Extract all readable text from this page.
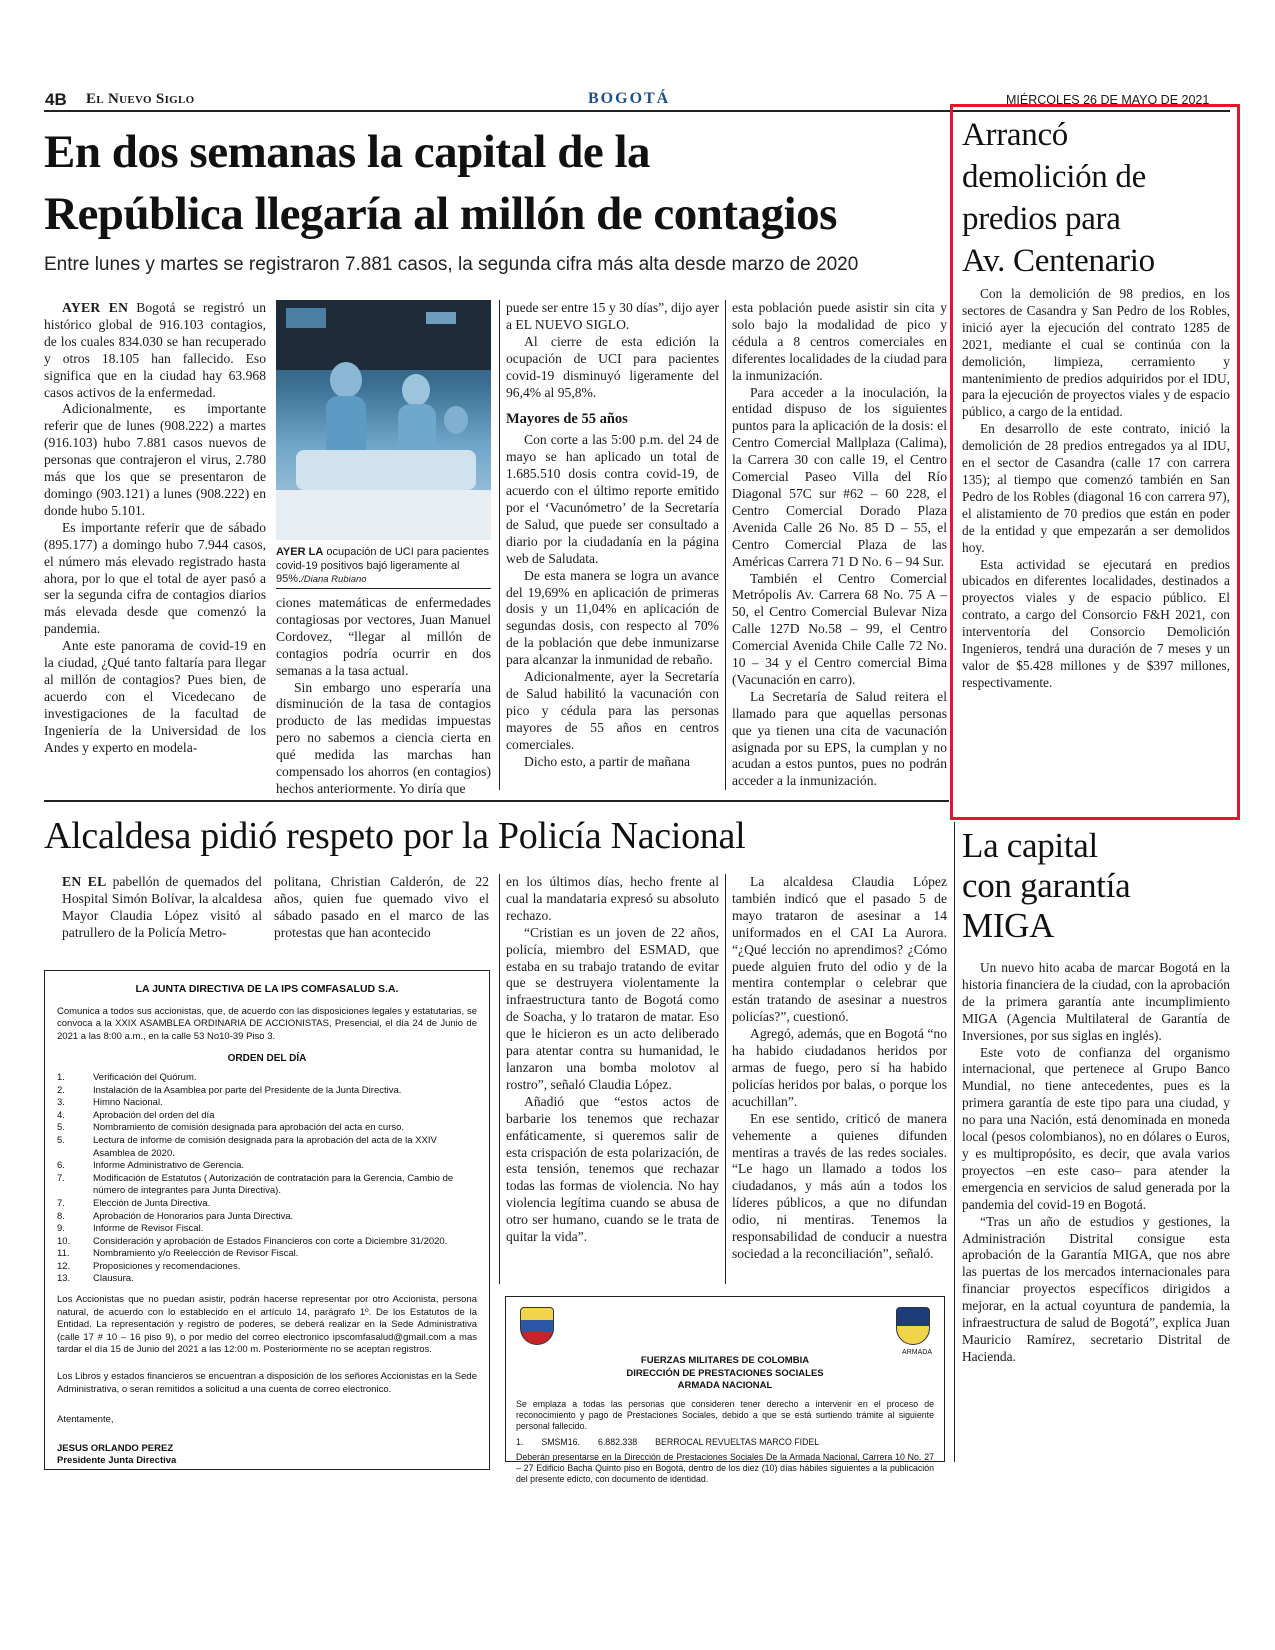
4B El Nuevo Siglo	BOGOTÁ	MIÉRCOLES 26 DE MAYO DE 2021
En dos semanas la capital de la
República llegaría al millón de contagios
Entre lunes y martes se registraron 7.881 casos, la segunda cifra más alta desde marzo de 2020

AYER EN Bogotá se registró un histórico global de 916.103 contagios, de los cuales 834.030 se han recuperado y otros 18.105 han fallecido. Eso significa que en la ciudad hay 63.968 casos activos de la enfermedad.

Adicionalmente, es importante referir que de lunes (908.222) a martes (916.103) hubo 7.881 casos nuevos de personas que contrajeron el virus, 2.780 más que los que se presentaron de domingo (903.121) a lunes (908.222) en donde hubo 5.101.

Es importante referir que de sábado (895.177) a domingo hubo 7.944 casos, el número más elevado registrado hasta ahora, por lo que el total de ayer pasó a ser la segunda cifra de contagios diarios más elevada desde que comenzó la pandemia.

Ante este panorama de covid-19 en la ciudad, ¿Qué tanto faltaría para llegar al millón de contagios? Pues bien, de acuerdo con el Vicedecano de investigaciones de la facultad de Ingeniería de la Universidad de los Andes y experto en modela-

AYER LA ocupación de UCI para pacientes covid-19 positivos bajó ligeramente al 95%./Diana Rubiano

ciones matemáticas de enfermedades contagiosas por vectores, Juan Manuel Cordovez, “llegar al millón de contagios podría ocurrir en dos semanas a la tasa actual.

Sin embargo uno esperaría una disminución de la tasa de contagios producto de las medidas impuestas pero no sabemos a ciencia cierta en qué medida las marchas han compensado los ahorros (en contagios) hechos anteriormente. Yo diría que

puede ser entre 15 y 30 días”, dijo ayer a EL NUEVO SIGLO.

Al cierre de esta edición la ocupación de UCI para pacientes covid-19 disminuyó ligeramente del 96,4% al 95,8%.

Mayores de 55 años

Con corte a las 5:00 p.m. del 24 de mayo se han aplicado un total de 1.685.510 dosis contra covid-19, de acuerdo con el último reporte emitido por el ‘Vacunómetro’ de la Secretaría de Salud, que puede ser consultado a diario por la ciudadanía en la página web de Saludata.

De esta manera se logra un avance del 19,69% en aplicación de primeras dosis y un 11,04% en aplicación de segundas dosis, con respecto al 70% de la población que debe inmunizarse para alcanzar la inmunidad de rebaño.

Adicionalmente, ayer la Secretaría de Salud habilitó la vacunación con pico y cédula para las personas mayores de 55 años en centros comerciales.

Dicho esto, a partir de mañana

esta población puede asistir sin cita y solo bajo la modalidad de pico y cédula a 8 centros comerciales en diferentes localidades de la ciudad para la inmunización.

Para acceder a la inoculación, la entidad dispuso de los siguientes puntos para la aplicación de la dosis: el Centro Comercial Mallplaza (Calima), la Carrera 30 con calle 19, el Centro Comercial Paseo Villa del Río Diagonal 57C sur #62 – 60 228, el Centro Comercial Dorado Plaza Avenida Calle 26 No. 85 D – 55, el Centro Comercial Plaza de las Américas Carrera 71 D No. 6 – 94 Sur.

También el Centro Comercial Metrópolis Av. Carrera 68 No. 75 A –50, el Centro Comercial Bulevar Niza Calle 127D No.58 – 99, el Centro Comercial Avenida Chile Calle 72 No. 10 – 34 y el Centro comercial Bima (Vacunación en carro).

La Secretaría de Salud reitera el llamado para que aquellas personas que ya tienen una cita de vacunación asignada por su EPS, la cumplan y no acudan a estos puntos, pues no podrán acceder a la inmunización.

Arrancó
demolición de
predios para
Av. Centenario

Con la demolición de 98 predios, en los sectores de Casandra y San Pedro de los Robles, inició ayer la ejecución del contrato 1285 de 2021, mediante el cual se continúa con la demolición, limpieza, cerramiento y mantenimiento de predios adquiridos por el IDU, para la ejecución de proyectos viales y de espacio público, a cargo de la entidad.

En desarrollo de este contrato, inició la demolición de 28 predios entregados ya al IDU, en el sector de Casandra (calle 17 con carrera 135); al tiempo que comenzó también en San Pedro de los Robles (diagonal 16 con carrera 97), el alistamiento de 70 predios que están en poder de la entidad y que empezarán a ser demolidos hoy.

Esta actividad se ejecutará en predios ubicados en diferentes localidades, destinados a proyectos viales y de espacio público. El contrato, a cargo del Consorcio F&H 2021, con interventoría del Consorcio Demolición Ingenieros, tendrá una duración de 7 meses y un valor de $5.428 millones y de $397 millones, respectivamente.

Alcaldesa pidió respeto por la Policía Nacional

EN EL pabellón de quemados del Hospital Simón Bolívar, la alcaldesa Mayor Claudia López visitó al patrullero de la Policía Metro-

politana, Christian Calderón, de 22 años, quien fue quemado vivo el sábado pasado en el marco de las protestas que han acontecido

en los últimos días, hecho frente al cual la mandataria expresó su absoluto rechazo.

“Cristian es un joven de 22 años, policía, miembro del ESMAD, que estaba en su trabajo tratando de evitar que se destruyera violentamente la infraestructura tanto de Bogotá como de Soacha, y lo trataron de matar. Eso que le hicieron es un acto deliberado para atentar contra su humanidad, le lanzaron una bomba molotov al rostro”, señaló Claudia López.

Añadió que “estos actos de barbarie los tenemos que rechazar enfáticamente, si queremos salir de esta crispación de esta polarización, de esta tensión, tenemos que rechazar todas las formas de violencia. No hay violencia legítima cuando se abusa de otro ser humano, cuando se le trata de quitar la vida”.

La alcaldesa Claudia López también indicó que el pasado 5 de mayo trataron de asesinar a 14 uniformados en el CAI La Aurora. “¿Qué lección no aprendimos? ¿Cómo puede alguien fruto del odio y de la mentira contemplar o celebrar que están tratando de asesinar a nuestros policías?”, cuestionó.

Agregó, además, que en Bogotá “no ha habido ciudadanos heridos por armas de fuego, pero sí ha habido policías heridos por balas, o porque los acuchillan”.

En ese sentido, criticó de manera vehemente a quienes difunden mentiras a través de las redes sociales. “Le hago un llamado a todos los ciudadanos, y más aún a todos los líderes públicos, a que no difundan odio, ni mentiras. Tenemos la responsabilidad de conducir a nuestra sociedad a la reconciliación”, señaló.

La capital
con garantía
MIGA

Un nuevo hito acaba de marcar Bogotá en la historia financiera de la ciudad, con la aprobación de la primera garantía ante incumplimiento MIGA (Agencia Multilateral de Garantía de Inversiones, por sus siglas en inglés).

Este voto de confianza del organismo internacional, que pertenece al Grupo Banco Mundial, no tiene antecedentes, pues es la primera garantía de este tipo para una ciudad, y no para una Nación, está denominada en moneda local (pesos colombianos), no en dólares o Euros, y es multipropósito, es decir, que avala varios proyectos –en este caso– para atender la emergencia en servicios de salud generada por la pandemia del covid-19 en Bogotá.

“Tras un año de estudios y gestiones, la Administración Distrital consigue esta aprobación de la Garantía MIGA, que nos abre las puertas de los mercados internacionales para financiar proyectos específicos dirigidos a mejorar, en la actual coyuntura de pandemia, la infraestructura de salud de Bogotá”, explica Juan Mauricio Ramírez, secretario Distrital de Hacienda.

LA JUNTA DIRECTIVA DE LA IPS COMFASALUD S.A.
Comunica a todos sus accionistas, que, de acuerdo con las disposiciones legales y estatutarias, se convoca a la XXIX ASAMBLEA ORDINARIA DE ACCIONISTAS, Presencial, el día 24 de Junio de 2021 a las 8:00 a.m., en la calle 53 No10-39 Piso 3.
ORDEN DEL DÍA
1.	Verificación del Quórum.
2.	Instalación de la Asamblea por parte del Presidente de la Junta Directiva.
3.	Himno Nacional.
4.	Aprobación del orden del día
5.	Nombramiento de comisión designada para aprobación del acta en curso.
5.	Lectura de informe de comisión designada para la aprobación del acta de la XXIV Asamblea de 2020.
6.	Informe Administrativo de Gerencia.
7.	Modificación de Estatutos ( Autorización de contratación para la Gerencia, Cambio de número de integrantes para Junta Directiva).
7.	Elección de Junta Directiva.
8.	Aprobación de Honorarios para Junta Directiva.
9.	Informe de Revisor Fiscal.
10.	Consideración y aprobación de Estados Financieros con corte a Diciembre 31/2020.
11.	Nombramiento y/o Reelección de Revisor Fiscal.
12.	Proposiciones y recomendaciones.
13.	Clausura.
Los Accionistas que no puedan asistir, podrán hacerse representar por otro Accionista, persona natural, de acuerdo con lo establecido en el artículo 14, parágrafo 1º. De los Estatutos de la Entidad. La representación y registro de poderes, se deberá realizar en la Sede Administrativa (calle 17 # 10 – 16 piso 9), o por medio del correo electronico ipscomfasalud@gmail.com a mas tardar el día 15 de Junio del 2021 a las 12:00 m. Posteriormente no se aceptan registros.
Los Libros y estados financieros se encuentran a disposición de los señores Accionistas en la Sede Administrativa, o seran remitidos a solicitud a una cuenta de correo electronico.
Atentamente,
JESUS ORLANDO PEREZ
Presidente Junta Directiva
ARMADA
FUERZAS MILITARES DE COLOMBIA
DIRECCIÓN DE PRESTACIONES SOCIALES
ARMADA NACIONAL
Se emplaza a todas las personas que consideren tener derecho a intervenir en el proceso de reconocimiento y pago de Prestaciones Sociales, debido a que se está surtiendo trámite al siguiente personal fallecido.
1. SMSM16. 6.882.338 BERROCAL REVUELTAS MARCO FIDEL
Deberán presentarse en la Dirección de Prestaciones Sociales De la Armada Nacional, Carrera 10 No. 27 – 27 Edificio Bacha Quinto piso en Bogotá, dentro de los diez (10) días hábiles siguientes a la publicación del presente edicto, con documento de identidad.
